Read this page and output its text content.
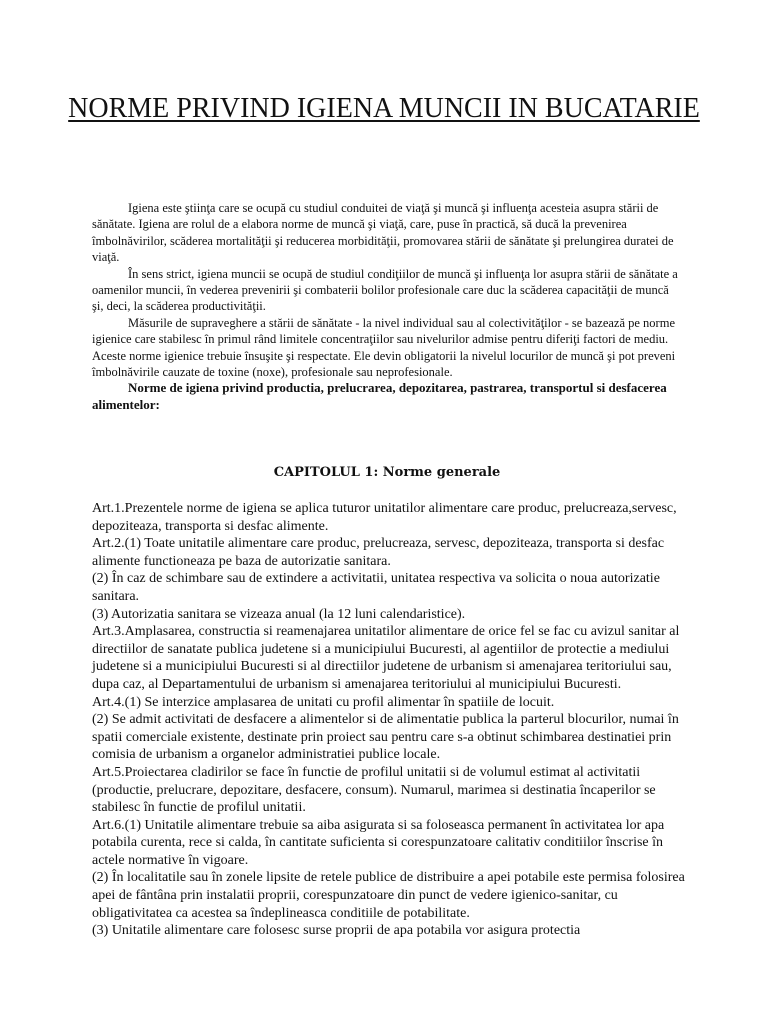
NORME PRIVIND IGIENA MUNCII IN BUCATARIE

Igiena este ştiinţa care se ocupă cu studiul conduitei de viaţă şi muncă şi influenţa acesteia asupra stării de sănătate. Igiena are rolul de a elabora norme de muncă şi viaţă, care, puse în practică, să ducă la prevenirea îmbolnăvirilor, scăderea mortalităţii şi reducerea morbidităţii, promovarea stării de sănătate şi prelungirea duratei de viaţă.

În sens strict, igiena muncii se ocupă de studiul condiţiilor de muncă şi influenţa lor asupra stării de sănătate a oamenilor muncii, în vederea prevenirii şi combaterii bolilor profesionale care duc la scăderea capacităţii de muncă şi, deci, la scăderea productivităţii.

Măsurile de supraveghere a stării de sănătate - la nivel individual sau al colectivităţilor - se bazează pe norme igienice care stabilesc în primul rând limitele concentraţiilor sau nivelurilor admise pentru diferiţi factori de mediu. Aceste norme igienice trebuie însuşite şi respectate. Ele devin obligatorii la nivelul locurilor de muncă şi pot preveni îmbolnăvirile cauzate de toxine (noxe), profesionale sau neprofesionale.

Norme de igiena privind productia, prelucrarea, depozitarea, pastrarea, transportul si desfacerea alimentelor:

CAPITOLUL 1: Norme generale

Art.1.Prezentele norme de igiena se aplica tuturor unitatilor alimentare care produc, prelucreaza,servesc, depoziteaza, transporta si desfac alimente.

Art.2.(1) Toate unitatile alimentare care produc, prelucreaza, servesc, depoziteaza, transporta si desfac alimente functioneaza pe baza de autorizatie sanitara.

(2) În caz de schimbare sau de extindere a activitatii, unitatea respectiva va solicita o noua autorizatie sanitara.

(3) Autorizatia sanitara se vizeaza anual (la 12 luni calendaristice).

Art.3.Amplasarea, constructia si reamenajarea unitatilor alimentare de orice fel se fac cu avizul sanitar al directiilor de sanatate publica judetene si a municipiului Bucuresti, al agentiilor de protectie a mediului judetene si a municipiului Bucuresti si al directiilor judetene de urbanism si amenajarea teritoriului sau, dupa caz, al Departamentului de urbanism si amenajarea teritoriului al municipiului Bucuresti.

Art.4.(1) Se interzice amplasarea de unitati cu profil alimentar în spatiile de locuit.

(2) Se admit activitati de desfacere a alimentelor si de alimentatie publica la parterul blocurilor, numai în spatii comerciale existente, destinate prin proiect sau pentru care s-a obtinut schimbarea destinatiei prin comisia de urbanism a organelor administratiei publice locale.

Art.5.Proiectarea cladirilor se face în functie de profilul unitatii si de volumul estimat al activitatii (productie, prelucrare, depozitare, desfacere, consum). Numarul, marimea si destinatia încaperilor se stabilesc în functie de profilul unitatii.

Art.6.(1) Unitatile alimentare trebuie sa aiba asigurata si sa foloseasca permanent în activitatea lor apa potabila curenta, rece si calda, în cantitate suficienta si corespunzatoare calitativ conditiilor înscrise în actele normative în vigoare.

(2) În localitatile sau în zonele lipsite de retele publice de distribuire a apei potabile este permisa folosirea apei de fântâna prin instalatii proprii, corespunzatoare din punct de vedere igienico-sanitar, cu obligativitatea ca acestea sa îndeplineasca conditiile de potabilitate.

(3) Unitatile alimentare care folosesc surse proprii de apa potabila vor asigura protectia
